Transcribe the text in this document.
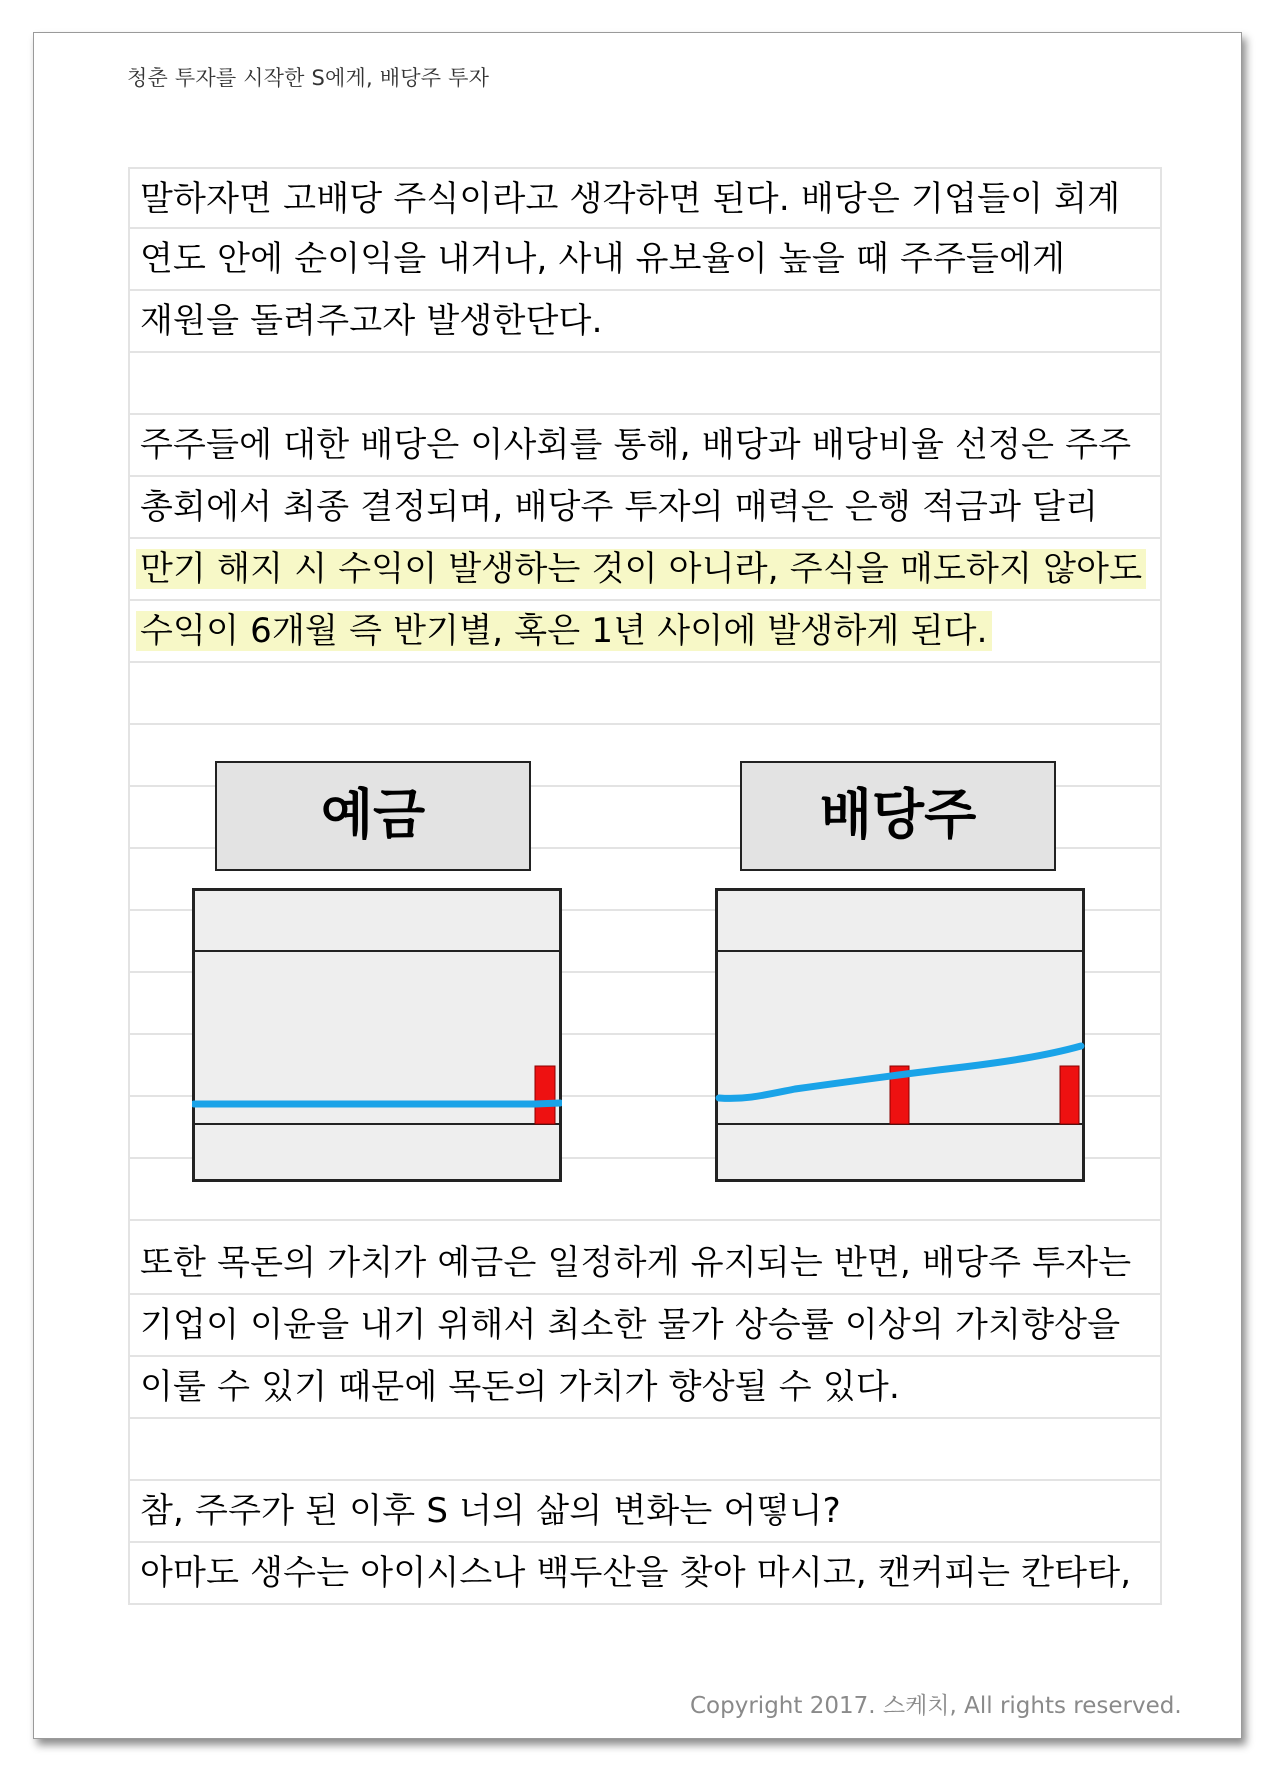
청춘 투자를 시작한 S에게, 배당주 투자
말하자면 고배당 주식이라고 생각하면 된다. 배당은 기업들이 회계
연도 안에 순이익을 내거나, 사내 유보율이 높을 때 주주들에게
재원을 돌려주고자 발생한단다.
주주들에 대한 배당은 이사회를 통해, 배당과 배당비율 선정은 주주
총회에서 최종 결정되며, 배당주 투자의 매력은 은행 적금과 달리
만기 해지 시 수익이 발생하는 것이 아니라, 주식을 매도하지 않아도
수익이 6개월 즉 반기별, 혹은 1년 사이에 발생하게 된다.
예금	배당주
또한 목돈의 가치가 예금은 일정하게 유지되는 반면, 배당주 투자는
기업이 이윤을 내기 위해서 최소한 물가 상승률 이상의 가치향상을
이룰 수 있기 때문에 목돈의 가치가 향상될 수 있다.
참, 주주가 된 이후 S 너의 삶의 변화는 어떻니?
아마도 생수는 아이시스나 백두산을 찾아 마시고, 캔커피는 칸타타,
Copyright 2017. 스케치, All rights reserved.
